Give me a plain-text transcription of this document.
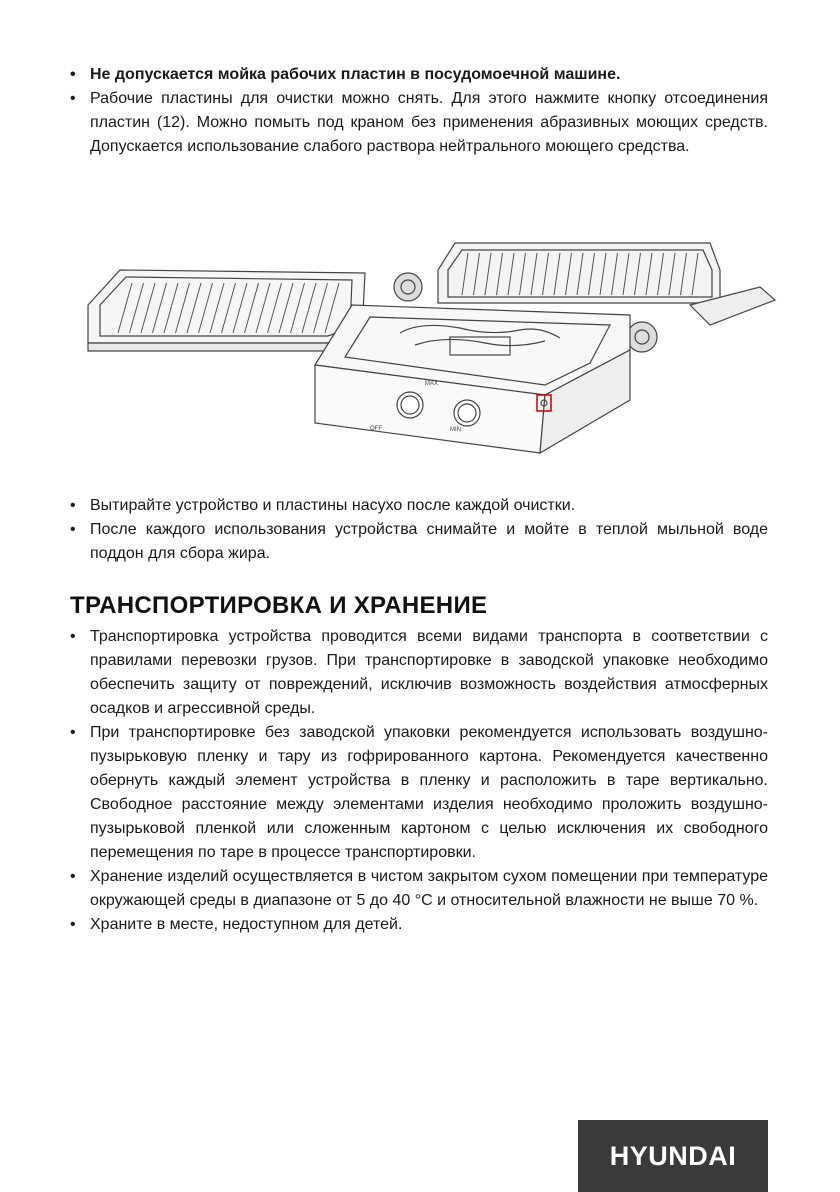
• Не допускается мойка рабочих пластин в посудомоечной машине.
• Рабочие пластины для очистки можно снять. Для этого нажмите кнопку отсоединения пластин (12). Можно помыть под краном без применения абразивных моющих средств. Допускается использование слабого раствора нейтрального моющего средства.
OFF
MAX
MIN
• Вытирайте устройство и пластины насухо после каждой очистки.
• После каждого использования устройства снимайте и мойте в теплой мыльной воде поддон для сбора жира.
ТРАНСПОРТИРОВКА И ХРАНЕНИЕ
• Транспортировка устройства проводится всеми видами транспорта в соответствии с правилами перевозки грузов. При транспортировке в заводской упаковке необходимо обеспечить защиту от повреждений, исключив возможность воздействия атмосферных осадков и агрессивной среды.
• При транспортировке без заводской упаковки рекомендуется использовать воздушно-пузырьковую пленку и тару из гофрированного картона. Рекомендуется качественно обернуть каждый элемент устройства в пленку и расположить в таре вертикально. Свободное расстояние между элементами изделия необходимо проложить воздушно-пузырьковой пленкой или сложенным картоном с целью исключения их свободного перемещения по таре в процессе транспортировки.
• Хранение изделий осуществляется в чистом закрытом сухом помещении при температуре окружающей среды в диапазоне от 5 до 40 °С и относительной влажности не выше 70 %.
• Храните в месте, недоступном для детей.
HYUNDAI
